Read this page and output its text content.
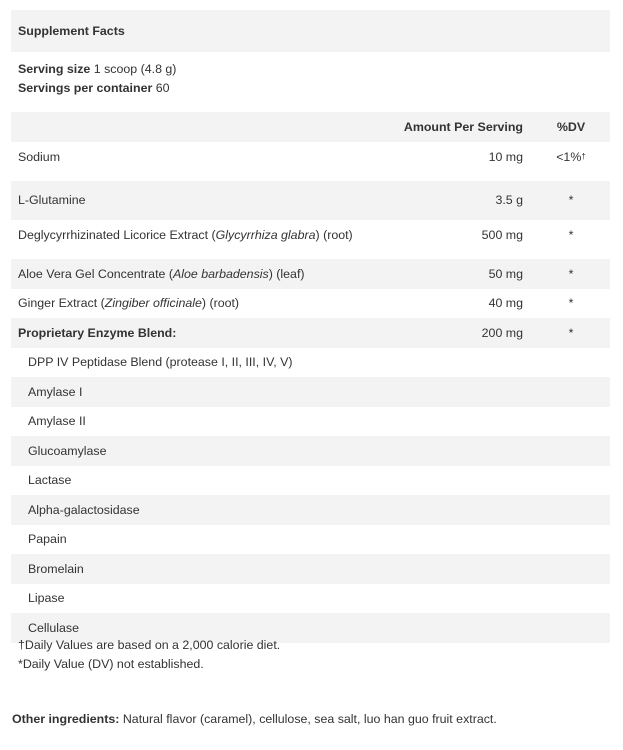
Supplement Facts
Serving size 1 scoop (4.8 g)
Servings per container 60
Amount Per Serving	%DV
Sodium	10 mg	<1% †
L-Glutamine	3.5 g	*
Deglycyrrhizinated Licorice Extract ( Glycyrrhiza glabra ) (root)	500 mg	*
Aloe Vera Gel Concentrate ( Aloe barbadensis ) (leaf)	50 mg	*
Ginger Extract ( Zingiber officinale ) (root)	40 mg	*
Proprietary Enzyme Blend:	200 mg	*
DPP IV Peptidase Blend (protease I, II, III, IV, V)
Amylase I
Amylase II
Glucoamylase
Lactase
Alpha-galactosidase
Papain
Bromelain
Lipase
Cellulase
†Daily Values are based on a 2,000 calorie diet.
*Daily Value (DV) not established.
Other ingredients: Natural flavor (caramel), cellulose, sea salt, luo han guo fruit extract.
